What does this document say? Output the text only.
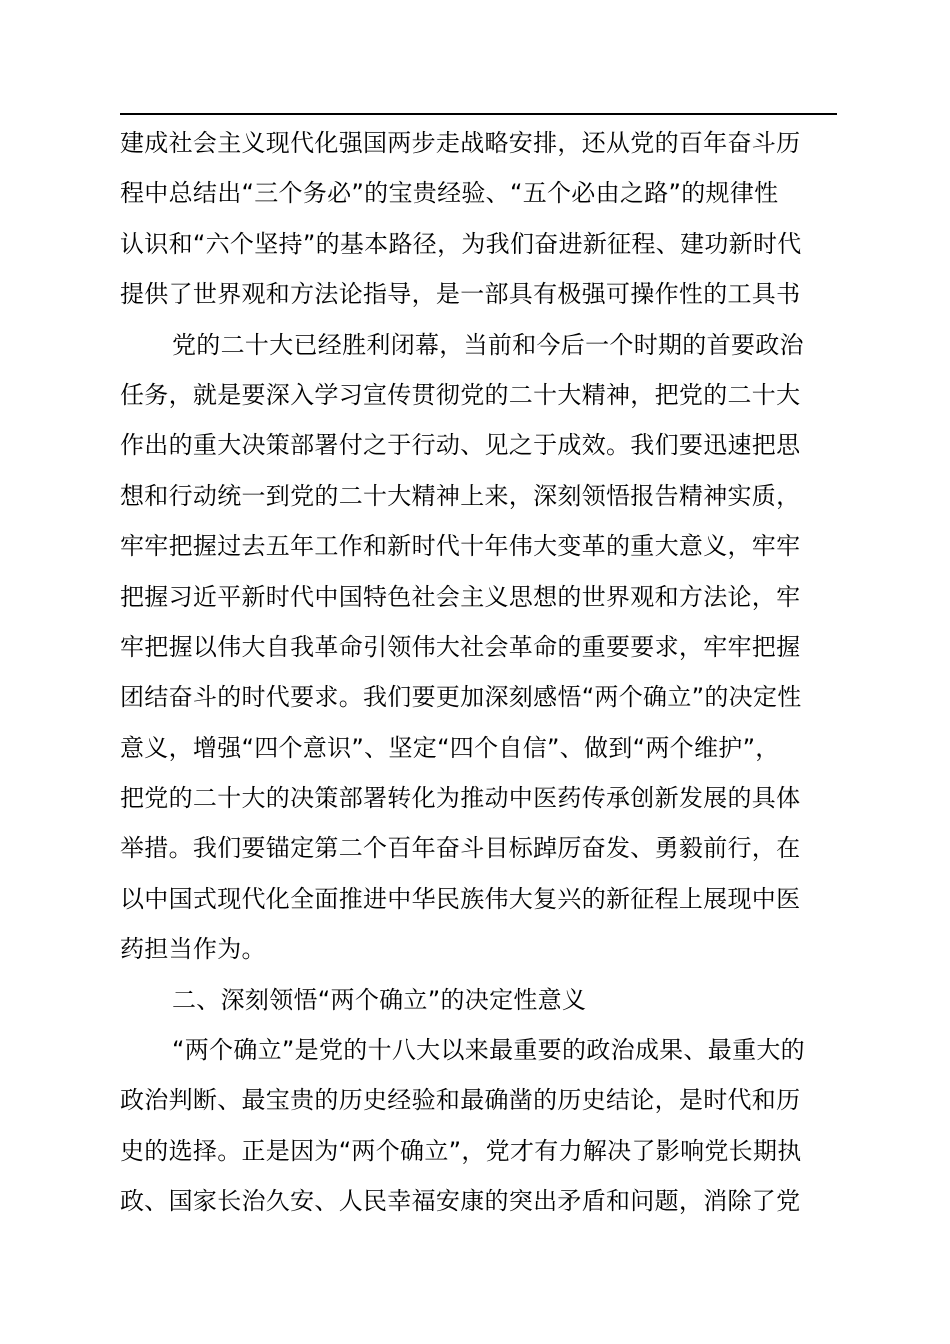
建成社会主义现代化强国两步走战略安排，还从党的百年奋斗历
程中总结出“三个务必”的宝贵经验、“五个必由之路”的规律性
认识和“六个坚持”的基本路径，为我们奋进新征程、建功新时代
提供了世界观和方法论指导，是一部具有极强可操作性的工具书
党的二十大已经胜利闭幕，当前和今后一个时期的首要政治
任务，就是要深入学习宣传贯彻党的二十大精神，把党的二十大
作出的重大决策部署付之于行动、见之于成效。我们要迅速把思
想和行动统一到党的二十大精神上来，深刻领悟报告精神实质，
牢牢把握过去五年工作和新时代十年伟大变革的重大意义，牢牢
把握习近平新时代中国特色社会主义思想的世界观和方法论，牢
牢把握以伟大自我革命引领伟大社会革命的重要要求，牢牢把握
团结奋斗的时代要求。我们要更加深刻感悟“两个确立”的决定性
意义，增强“四个意识”、坚定“四个自信”、做到“两个维护”，
把党的二十大的决策部署转化为推动中医药传承创新发展的具体
举措。我们要锚定第二个百年奋斗目标踔厉奋发、勇毅前行，在
以中国式现代化全面推进中华民族伟大复兴的新征程上展现中医
药担当作为。
二、深刻领悟“两个确立”的决定性意义
“两个确立”是党的十八大以来最重要的政治成果、最重大的
政治判断、最宝贵的历史经验和最确凿的历史结论，是时代和历
史的选择。正是因为“两个确立”，党才有力解决了影响党长期执
政、国家长治久安、人民幸福安康的突出矛盾和问题，消除了党
